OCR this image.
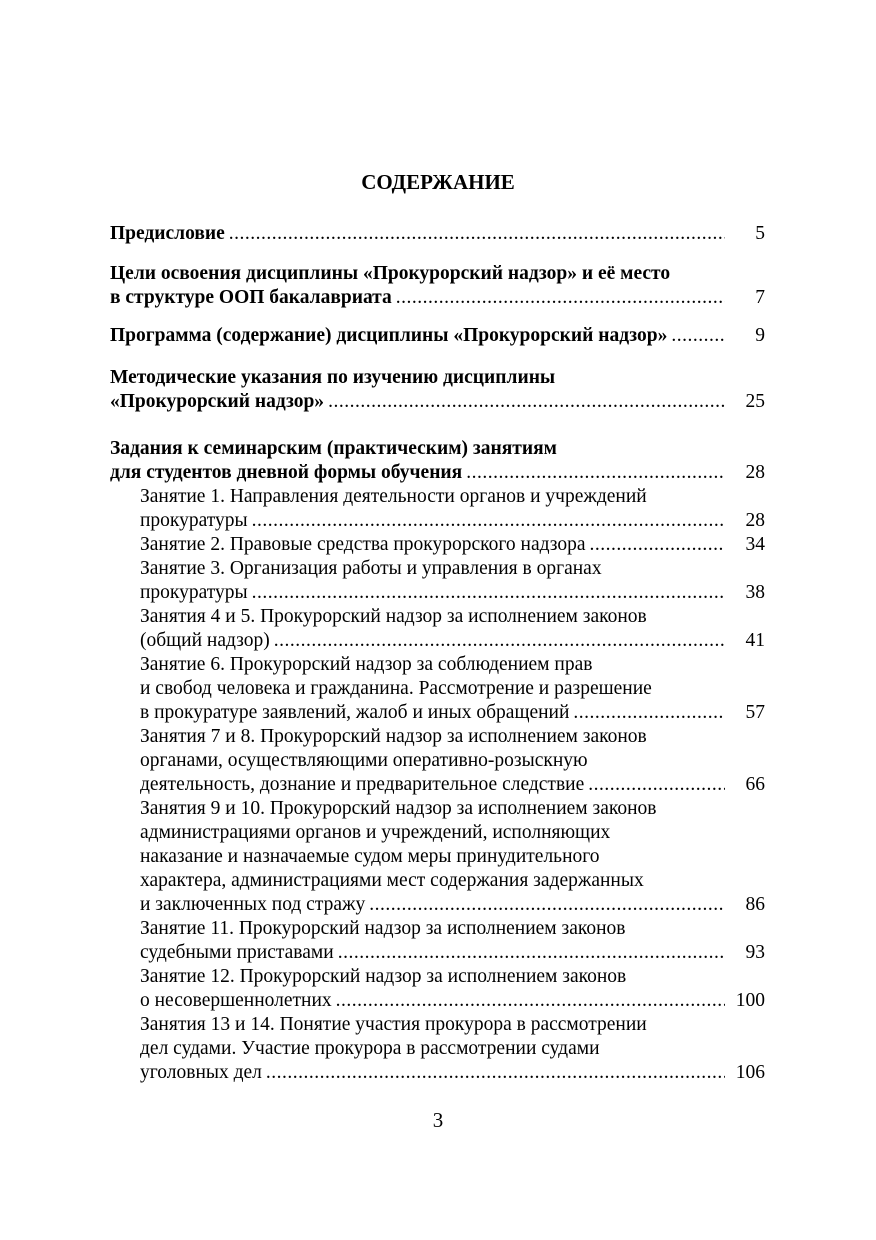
СОДЕРЖАНИЕ
Предисловие .....	5
Цели освоения дисциплины «Прокурорский надзор» и её место
в структуре ООП бакалавриата .....	7
Программа (содержание) дисциплины «Прокурорский надзор» .....	9
Методические указания по изучению дисциплины
«Прокурорский надзор» .....	25
Задания к семинарским (практическим) занятиям
для студентов дневной формы обучения .....	28
Занятие 1. Направления деятельности органов и учреждений
прокуратуры .....	28
Занятие 2. Правовые средства прокурорского надзора .....	34
Занятие 3. Организация работы и управления в органах
прокуратуры .....	38
Занятия 4 и 5. Прокурорский надзор за исполнением законов
(общий надзор) .....	41
Занятие 6. Прокурорский надзор за соблюдением прав
и свобод человека и гражданина. Рассмотрение и разрешение
в прокуратуре заявлений, жалоб и иных обращений .....	57
Занятия 7 и 8. Прокурорский надзор за исполнением законов
органами, осуществляющими оперативно-розыскную
деятельность, дознание и предварительное следствие .....	66
Занятия 9 и 10. Прокурорский надзор за исполнением законов
администрациями органов и учреждений, исполняющих
наказание и назначаемые судом меры принудительного
характера, администрациями мест содержания задержанных
и заключенных под стражу .....	86
Занятие 11. Прокурорский надзор за исполнением законов
судебными приставами .....	93
Занятие 12. Прокурорский надзор за исполнением законов
о несовершеннолетних .....	100
Занятия 13 и 14. Понятие участия прокурора в рассмотрении
дел судами. Участие прокурора в рассмотрении судами
уголовных дел .....	106
3
